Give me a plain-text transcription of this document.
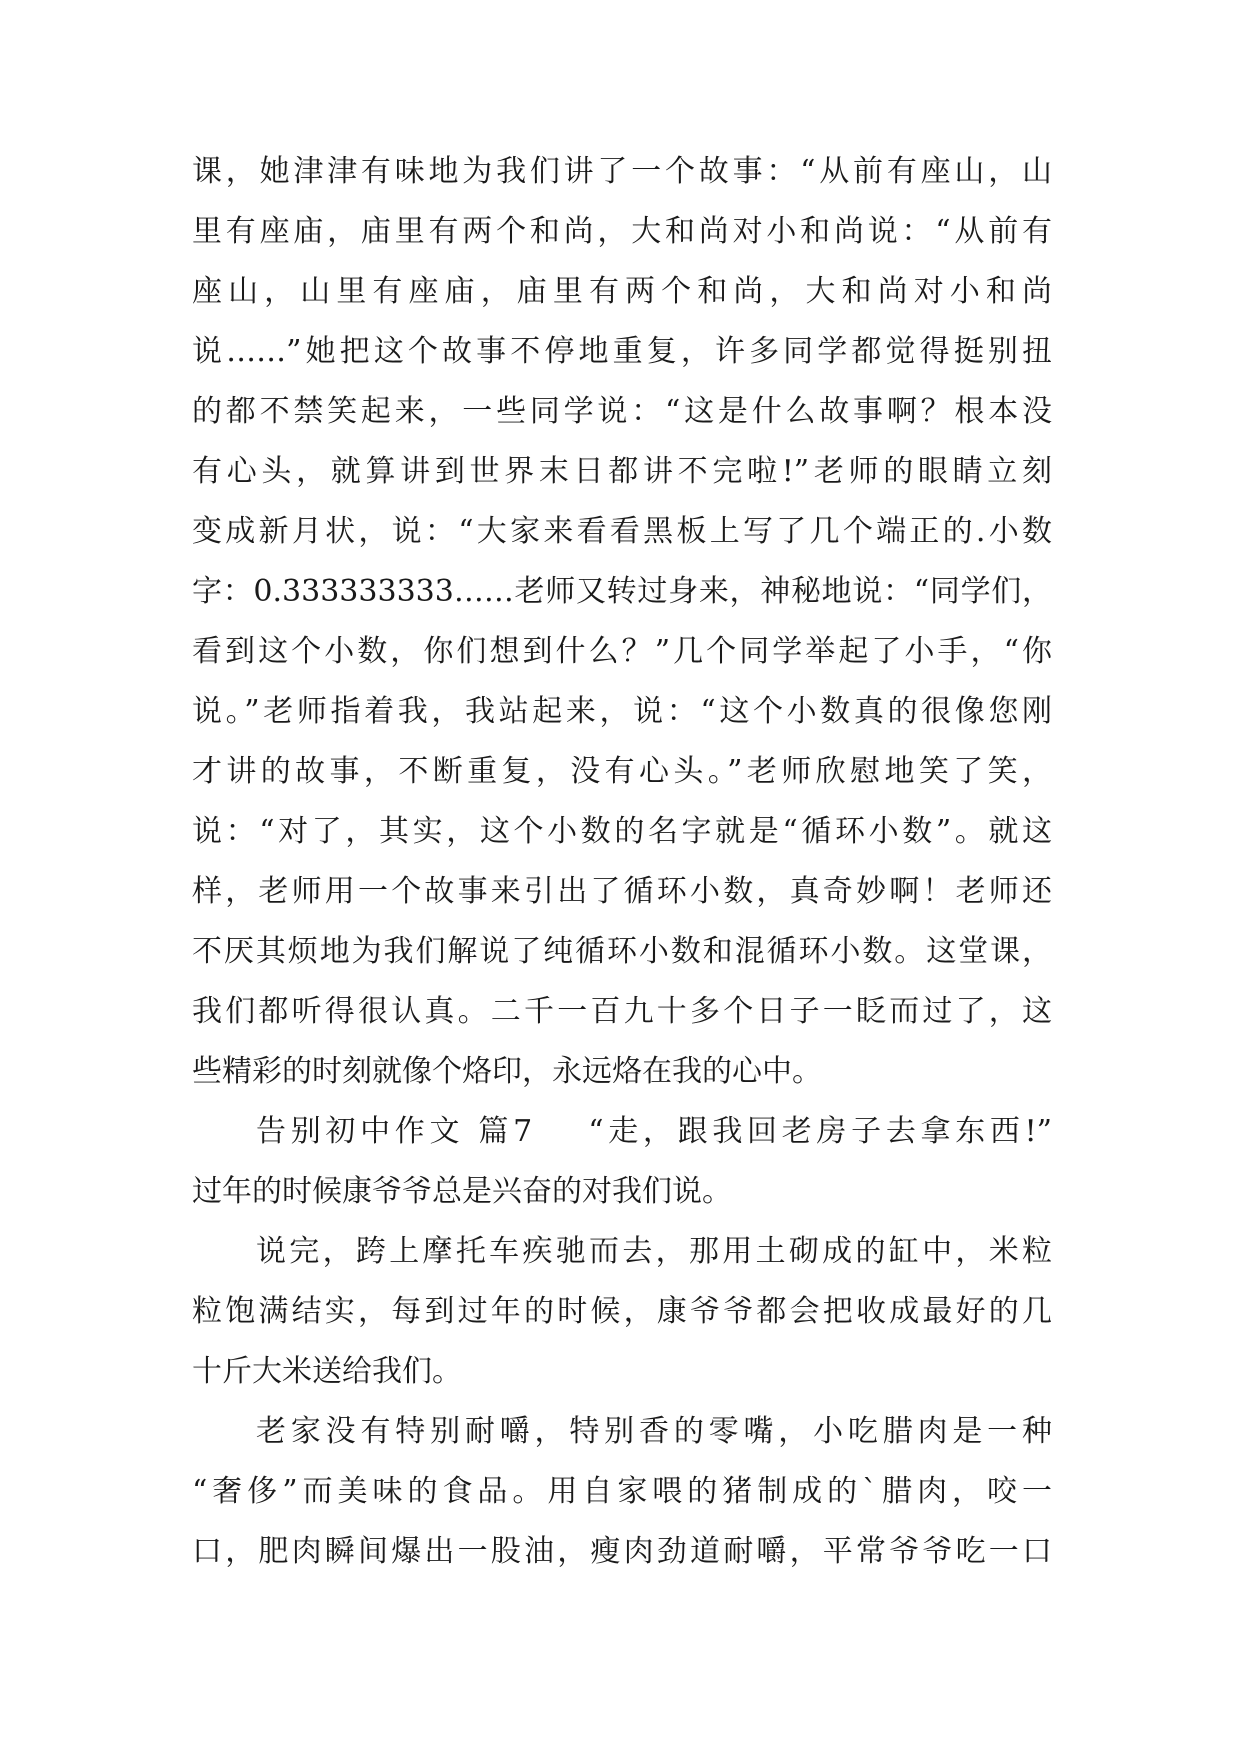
课，她津津有味地为我们讲了一个故事：“从前有座山，山
里有座庙，庙里有两个和尚，大和尚对小和尚说：“从前有
座山，山里有座庙，庙里有两个和尚，大和尚对小和尚
说……”她把这个故事不停地重复，许多同学都觉得挺别扭
的都不禁笑起来，一些同学说：“这是什么故事啊？根本没
有心头，就算讲到世界末日都讲不完啦!”老师的眼睛立刻
变成新月状，说：“大家来看看黑板上写了几个端正的.小数
字：0.333333333……老师又转过身来，神秘地说：“同学们，
看到这个小数，你们想到什么？”几个同学举起了小手，“你
说。”老师指着我，我站起来，说：“这个小数真的很像您刚
才讲的故事，不断重复，没有心头。”老师欣慰地笑了笑，
说：“对了，其实，这个小数的名字就是“循环小数”。就这
样，老师用一个故事来引出了循环小数，真奇妙啊！老师还
不厌其烦地为我们解说了纯循环小数和混循环小数。这堂课，
我们都听得很认真。二千一百九十多个日子一眨而过了，这
些精彩的时刻就像个烙印，永远烙在我的心中。
告别初中作文 篇7 “走，跟我回老房子去拿东西!”
过年的时候康爷爷总是兴奋的对我们说。
说完，跨上摩托车疾驰而去，那用土砌成的缸中，米粒
粒饱满结实，每到过年的时候，康爷爷都会把收成最好的几
十斤大米送给我们。
老家没有特别耐嚼，特别香的零嘴，小吃腊肉是一种
“奢侈”而美味的食品。用自家喂的猪制成的`腊肉，咬一
口，肥肉瞬间爆出一股油，瘦肉劲道耐嚼，平常爷爷吃一口
